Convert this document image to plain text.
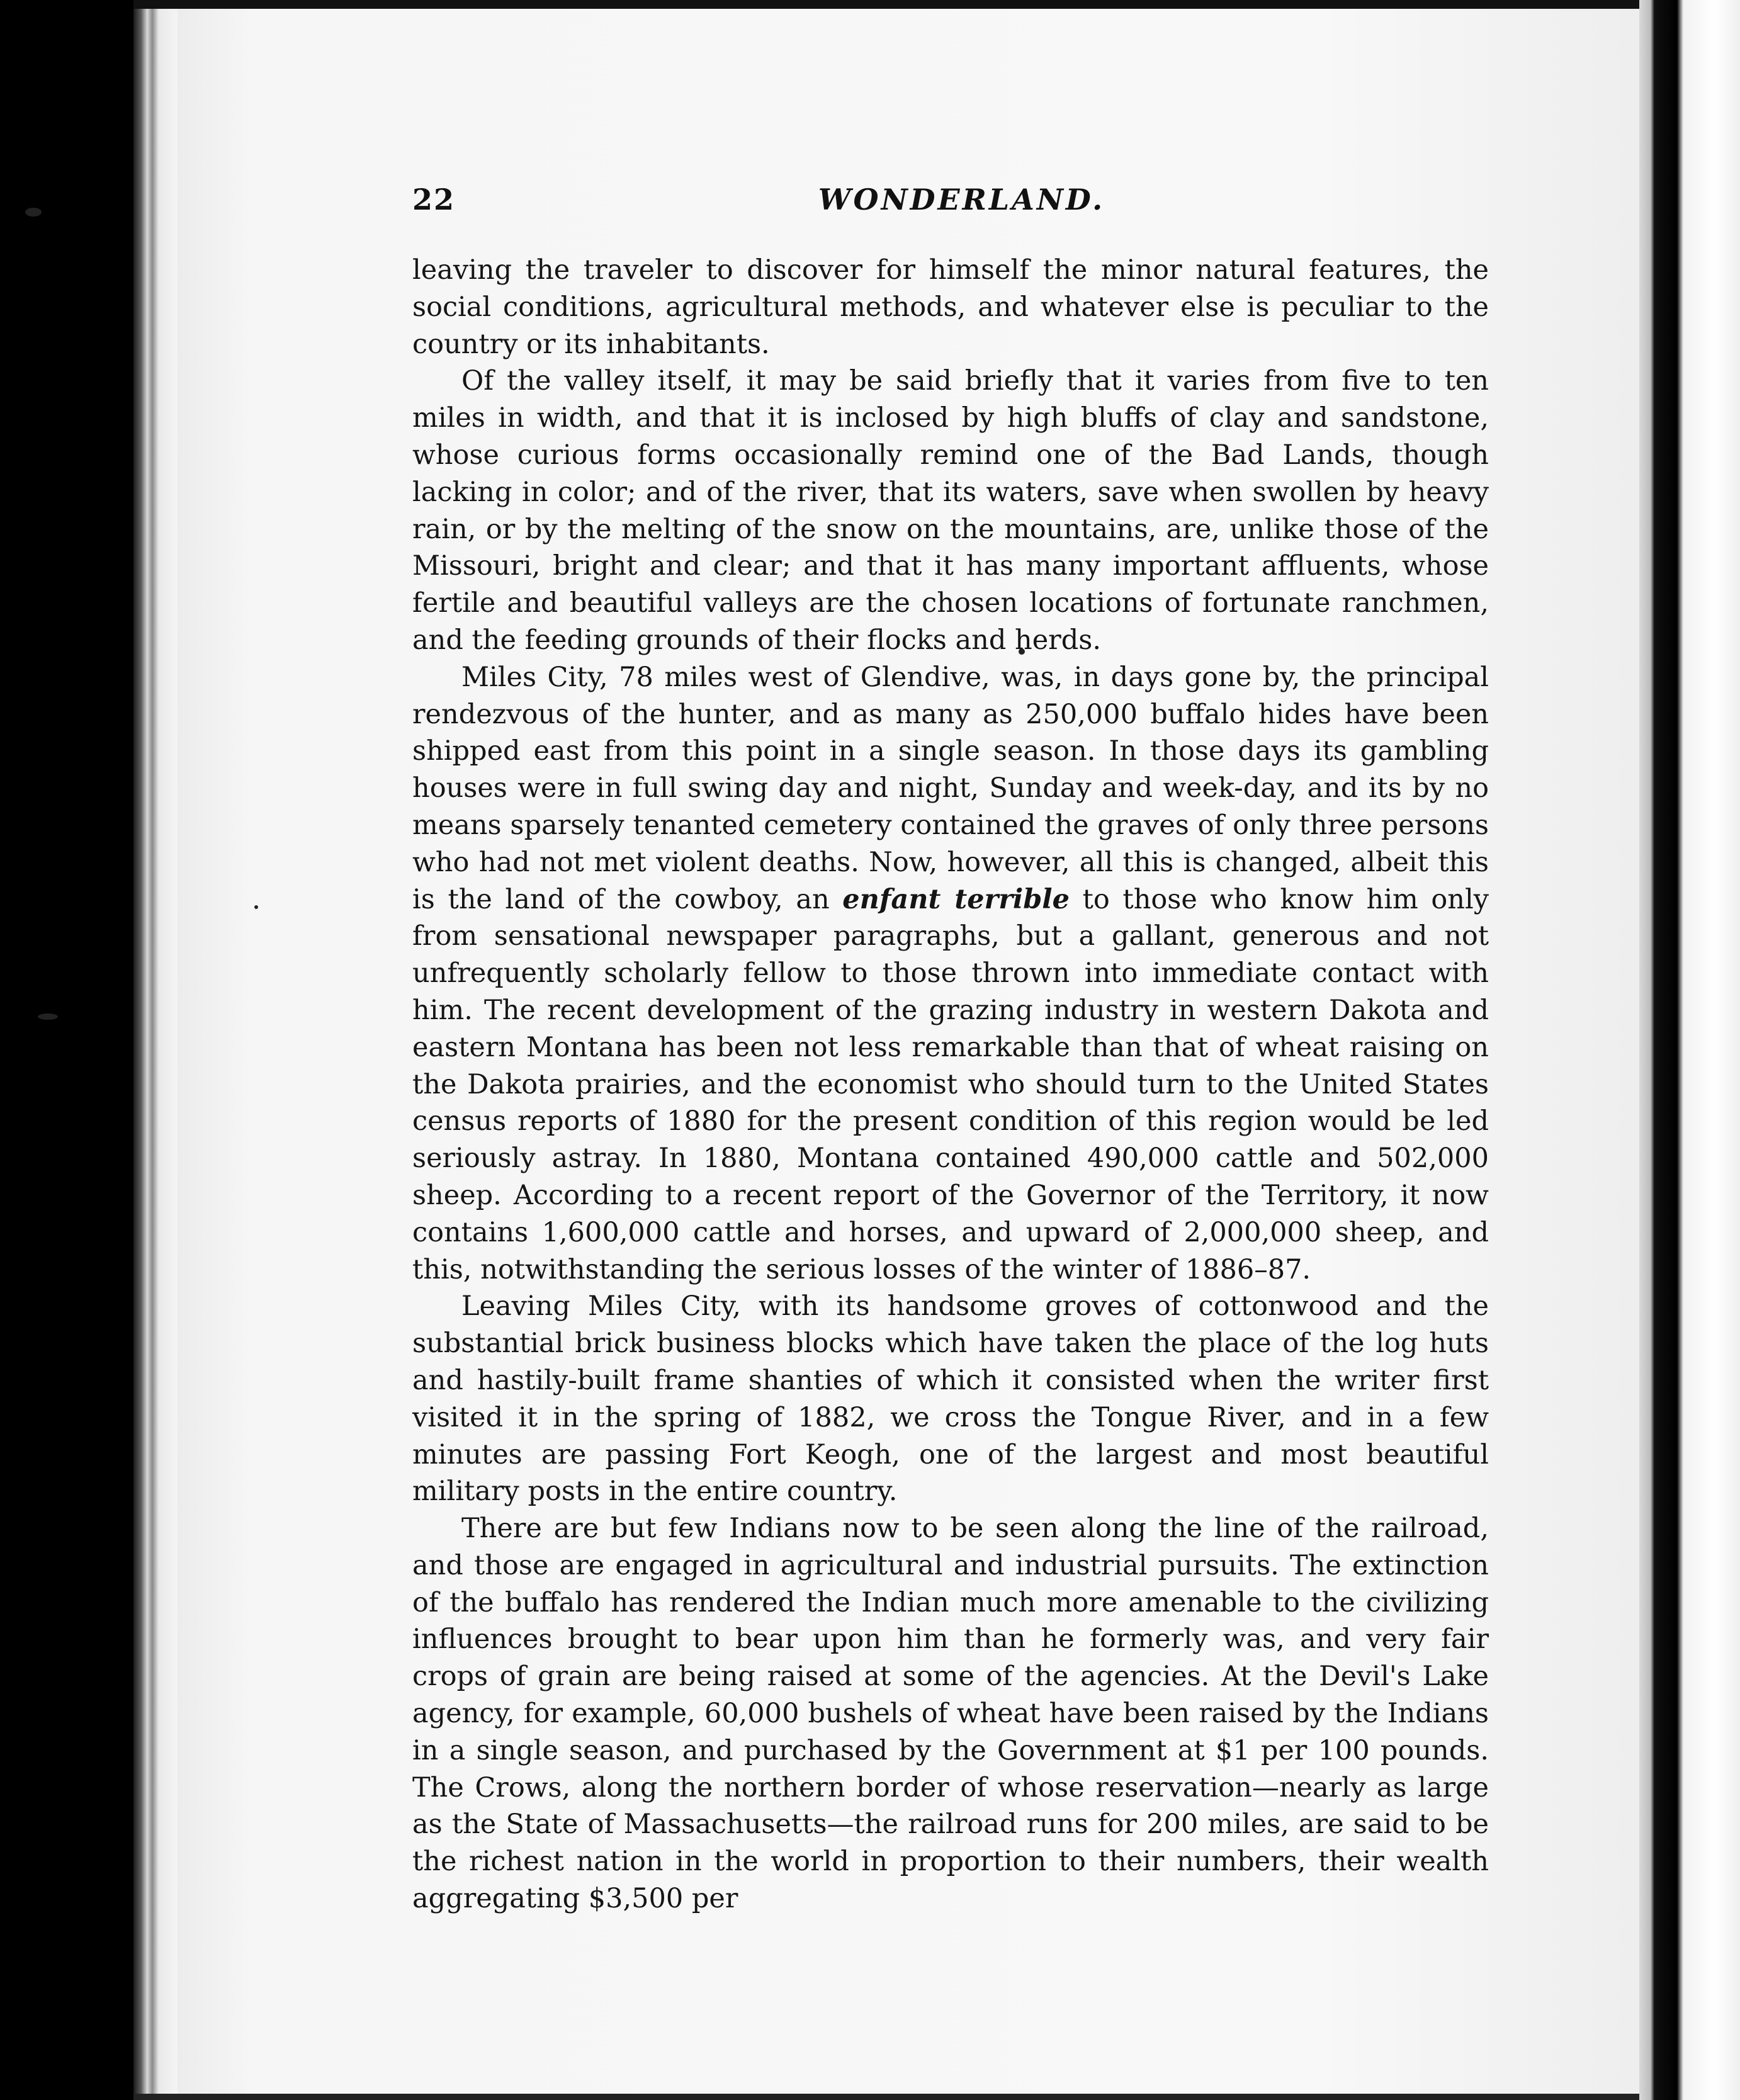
22	WONDERLAND.

leaving the traveler to discover for himself the minor natural features, the social conditions, agricultural methods, and whatever else is peculiar to the country or its inhabitants.

Of the valley itself, it may be said briefly that it varies from five to ten miles in width, and that it is inclosed by high bluffs of clay and sandstone, whose curious forms occasionally remind one of the Bad Lands, though lacking in color; and of the river, that its waters, save when swollen by heavy rain, or by the melting of the snow on the mountains, are, unlike those of the Missouri, bright and clear; and that it has many important affluents, whose fertile and beautiful valleys are the chosen locations of fortunate ranchmen, and the feeding grounds of their flocks and herds.

Miles City, 78 miles west of Glendive, was, in days gone by, the principal rendezvous of the hunter, and as many as 250,000 buffalo hides have been shipped east from this point in a single season. In those days its gambling houses were in full swing day and night, Sunday and week-day, and its by no means sparsely tenanted cemetery contained the graves of only three persons who had not met violent deaths. Now, however, all this is changed, albeit this is the land of the cowboy, an enfant terrible to those who know him only from sensational newspaper paragraphs, but a gallant, generous and not unfrequently scholarly fellow to those thrown into immediate contact with him. The recent development of the grazing industry in western Dakota and eastern Montana has been not less remarkable than that of wheat raising on the Dakota prairies, and the economist who should turn to the United States census reports of 1880 for the present condition of this region would be led seriously astray. In 1880, Montana contained 490,000 cattle and 502,000 sheep. According to a recent report of the Governor of the Territory, it now contains 1,600,000 cattle and horses, and upward of 2,000,000 sheep, and this, notwithstanding the serious losses of the winter of 1886–87.

Leaving Miles City, with its handsome groves of cottonwood and the substantial brick business blocks which have taken the place of the log huts and hastily-built frame shanties of which it consisted when the writer first visited it in the spring of 1882, we cross the Tongue River, and in a few minutes are passing Fort Keogh, one of the largest and most beautiful military posts in the entire country.

There are but few Indians now to be seen along the line of the railroad, and those are engaged in agricultural and industrial pursuits. The extinction of the buffalo has rendered the Indian much more amenable to the civilizing influences brought to bear upon him than he formerly was, and very fair crops of grain are being raised at some of the agencies. At the Devil's Lake agency, for example, 60,000 bushels of wheat have been raised by the Indians in a single season, and purchased by the Government at $1 per 100 pounds. The Crows, along the northern border of whose reservation—nearly as large as the State of Massachusetts—the railroad runs for 200 miles, are said to be the richest nation in the world in proportion to their numbers, their wealth aggregating $3,500 per
